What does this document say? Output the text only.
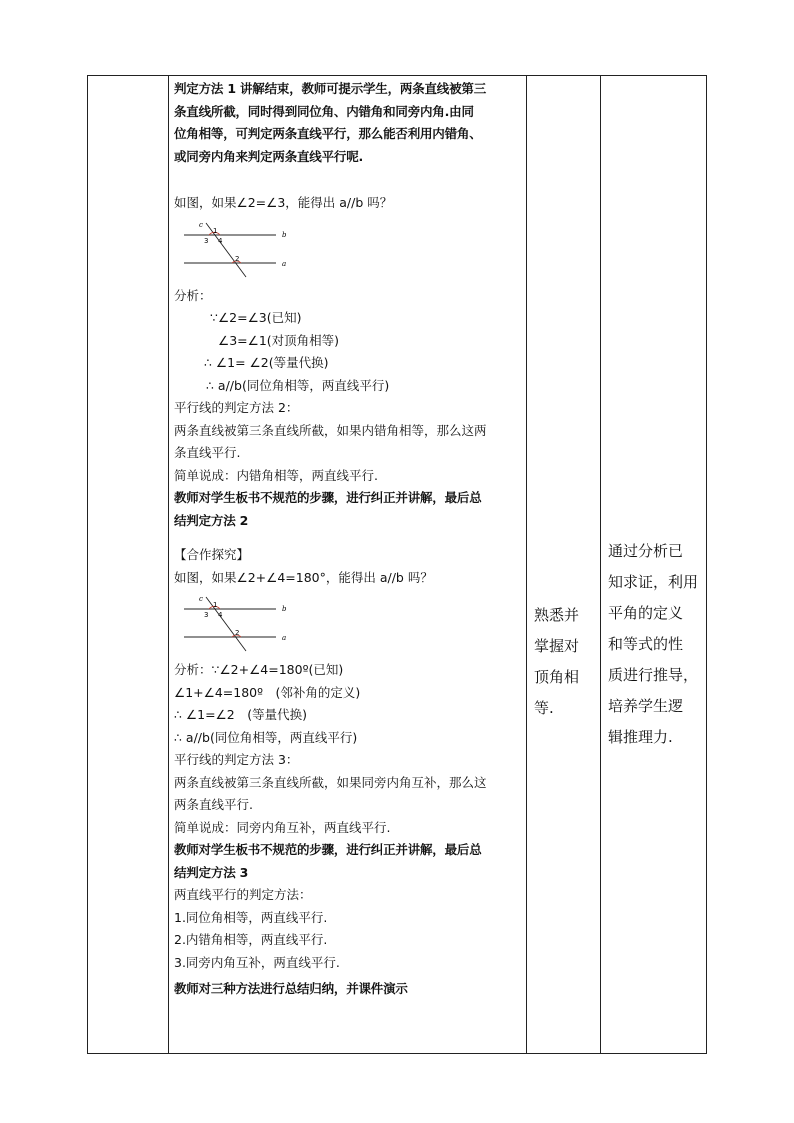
判定方法 1 讲解结束，教师可提示学生，两条直线被第三

条直线所截，同时得到同位角、内错角和同旁内角.由同

位角相等，可判定两条直线平行，那么能否利用内错角、

或同旁内角来判定两条直线平行呢.

如图，如果∠2=∠3，能得出 a//b 吗？

c
b
a
1
2
3 4

分析：

∵∠2=∠3(已知)

∠3=∠1(对顶角相等)

∴ ∠1= ∠2(等量代换)

∴ a//b(同位角相等，两直线平行)

平行线的判定方法 2：

两条直线被第三条直线所截，如果内错角相等，那么这两

条直线平行.

简单说成：内错角相等，两直线平行.

教师对学生板书不规范的步骤，进行纠正并讲解，最后总

结判定方法 2

【合作探究】

如图，如果∠2+∠4=180°，能得出 a//b 吗？

c
b
a
1
2
3 4

分析：∵∠2+∠4=180º(已知)

∠1+∠4=180º　(邻补角的定义)

∴ ∠1=∠2　(等量代换)

∴ a//b(同位角相等，两直线平行)

平行线的判定方法 3：

两条直线被第三条直线所截，如果同旁内角互补，那么这

两条直线平行.

简单说成：同旁内角互补，两直线平行.

教师对学生板书不规范的步骤，进行纠正并讲解，最后总

结判定方法 3

两直线平行的判定方法：

1.同位角相等，两直线平行.

2.内错角相等，两直线平行.

3.同旁内角互补，两直线平行.

教师对三种方法进行总结归纳，并课件演示

熟悉并

掌握对

顶角相

等.

通过分析已

知求证，利用

平角的定义

和等式的性

质进行推导，

培养学生逻

辑推理力.
